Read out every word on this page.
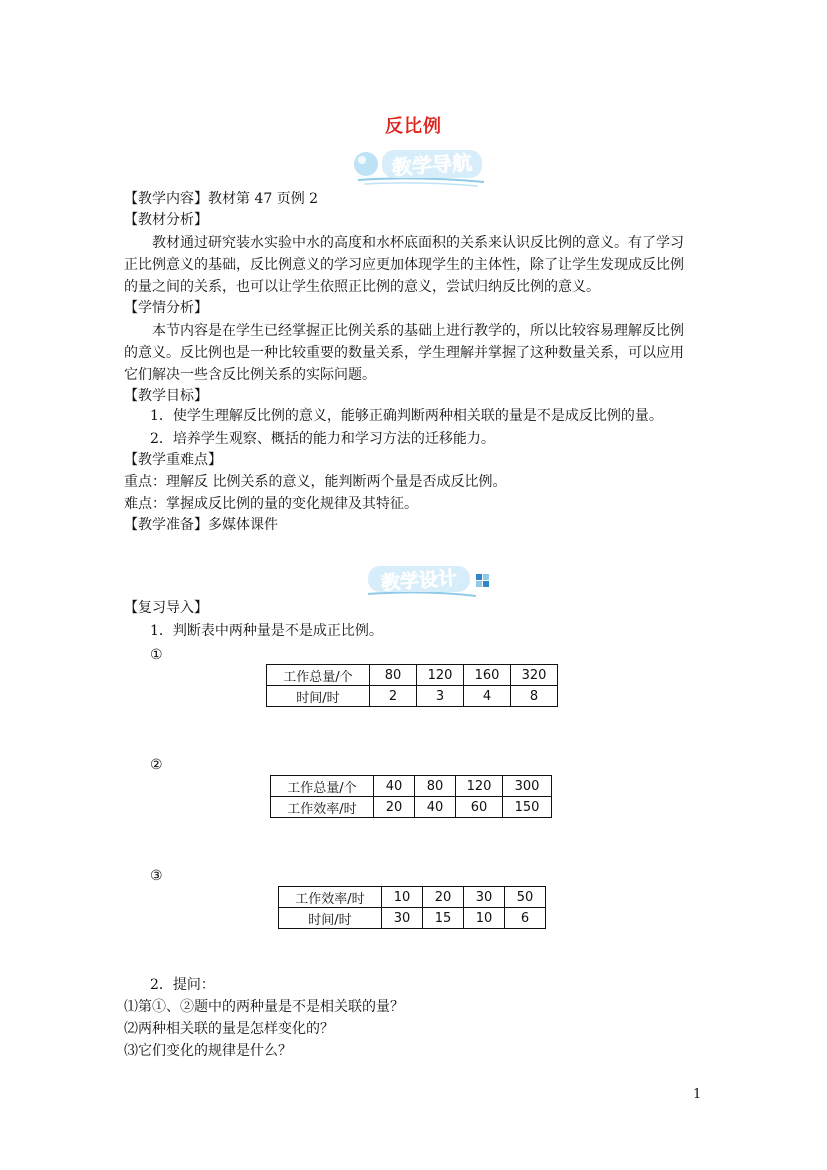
反比例
教学导航
【教学内容】教材第 47 页例 2
【教材分析】
教材通过研究装水实验中水的高度和水杯底面积的关系来认识反比例的意义。有了学习
正比例意义的基础，反比例意义的学习应更加体现学生的主体性，除了让学生发现成反比例
的量之间的关系，也可以让学生依照正比例的意义，尝试归纳反比例的意义。
【学情分析】
本节内容是在学生已经掌握正比例关系的基础上进行教学的，所以比较容易理解反比例
的意义。反比例也是一种比较重要的数量关系，学生理解并掌握了这种数量关系，可以应用
它们解决一些含反比例关系的实际问题。
【教学目标】
1．使学生理解反比例的意义，能够正确判断两种相关联的量是不是成反比例的量。
2．培养学生观察、概括的能力和学习方法的迁移能力。
【教学重难点】
重点：理解反 比例关系的意义，能判断两个量是否成反比例。
难点：掌握成反比例的量的变化规律及其特征。
【教学准备】多媒体课件
教学设计
【复习导入】
1．判断表中两种量是不是成正比例。
①
工作总量/个	80	120	160	320
时间/时	2	3	4	8
②
工作总量/个	40	80	120	300
工作效率/时	20	40	60	150
③
工作效率/时	10	20	30	50
时间/时	30	15	10	6
2．提问：
⑴第①、②题中的两种量是不是相关联的量？
⑵两种相关联的量是怎样变化的？
⑶它们变化的规律是什么？
1
